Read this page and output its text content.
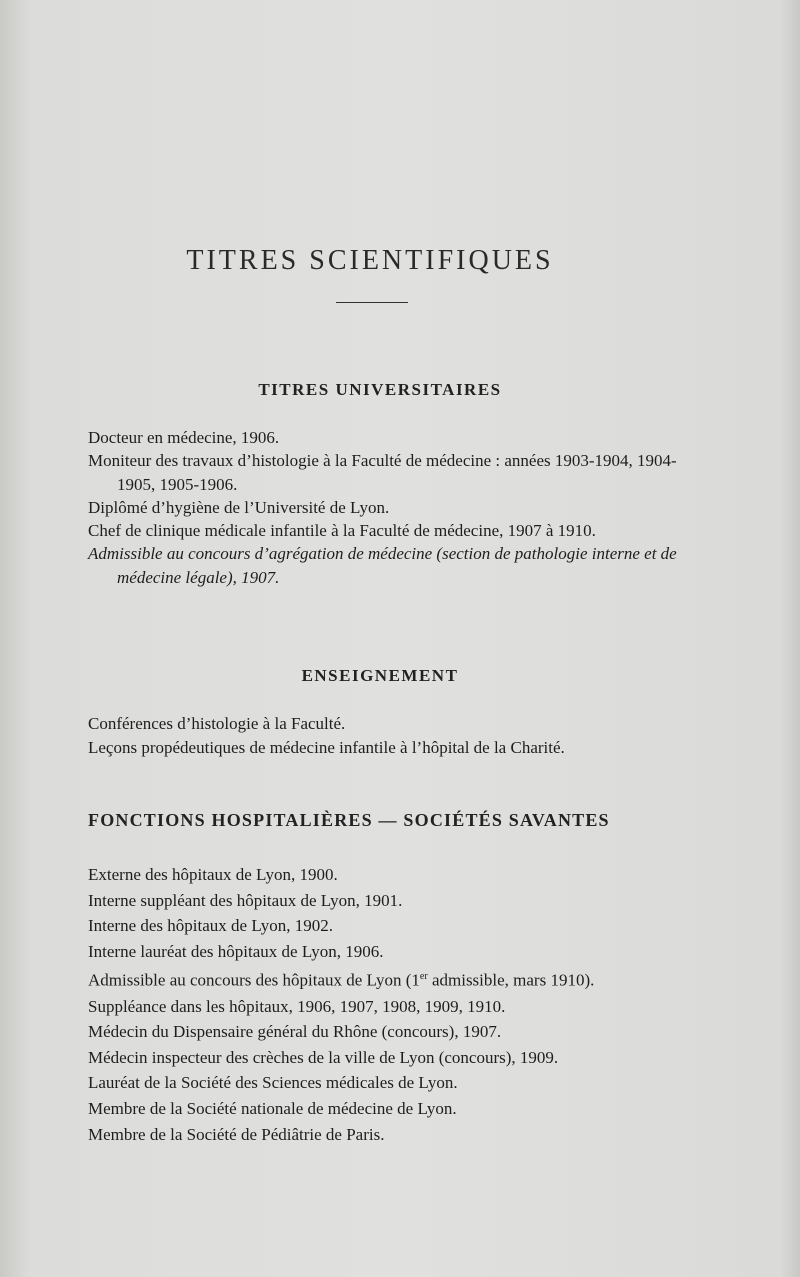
TITRES SCIENTIFIQUES
TITRES UNIVERSITAIRES
Docteur en médecine, 1906.
Moniteur des travaux d’histologie à la Faculté de médecine : années 1903-1904, 1904-1905, 1905-1906.
Diplômé d’hygiène de l’Université de Lyon.
Chef de clinique médicale infantile à la Faculté de médecine, 1907 à 1910.
Admissible au concours d’agrégation de médecine (section de pathologie interne et de médecine légale), 1907.
ENSEIGNEMENT
Conférences d’histologie à la Faculté.
Leçons propédeutiques de médecine infantile à l’hôpital de la Charité.
FONCTIONS HOSPITALIÈRES — SOCIÉTÉS SAVANTES
Externe des hôpitaux de Lyon, 1900.
Interne suppléant des hôpitaux de Lyon, 1901.
Interne des hôpitaux de Lyon, 1902.
Interne lauréat des hôpitaux de Lyon, 1906.
Admissible au concours des hôpitaux de Lyon (1er admissible, mars 1910).
Suppléance dans les hôpitaux, 1906, 1907, 1908, 1909, 1910.
Médecin du Dispensaire général du Rhône (concours), 1907.
Médecin inspecteur des crèches de la ville de Lyon (concours), 1909.
Lauréat de la Société des Sciences médicales de Lyon.
Membre de la Société nationale de médecine de Lyon.
Membre de la Société de Pédiâtrie de Paris.
